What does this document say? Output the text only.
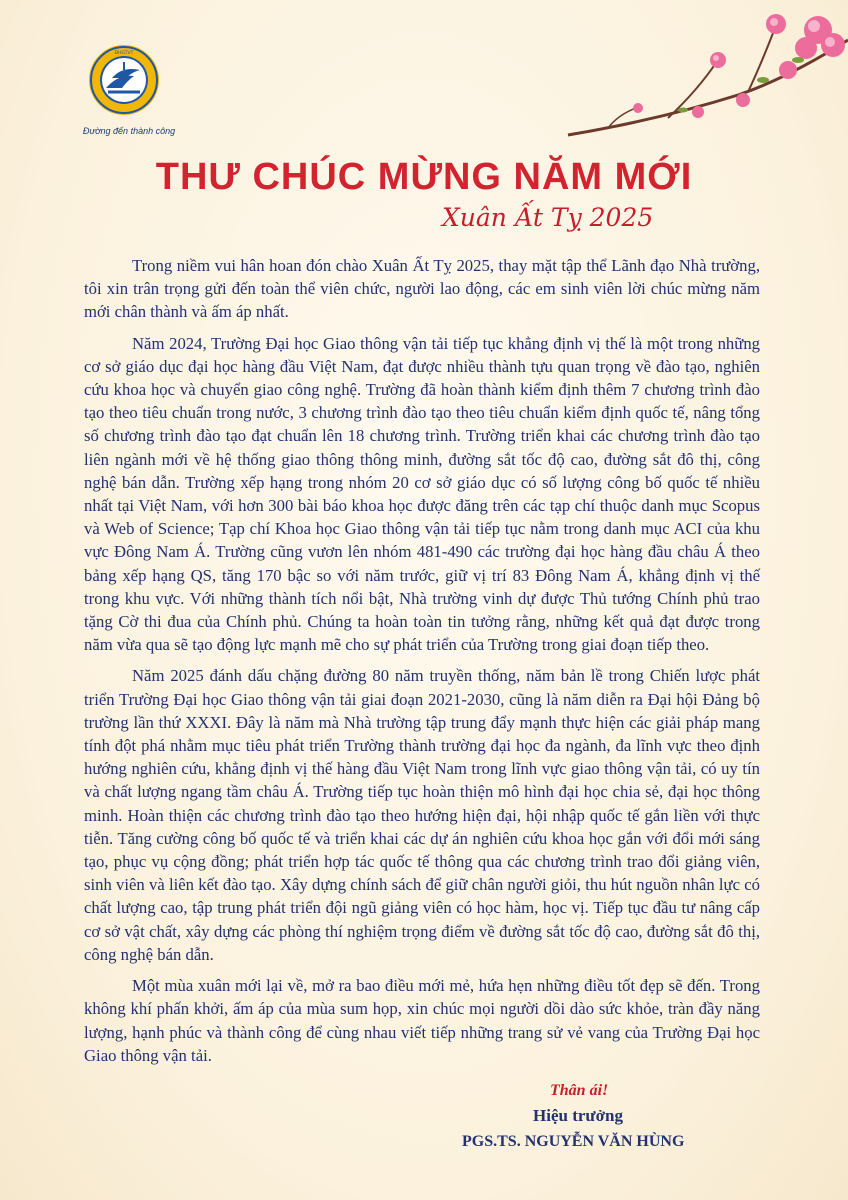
ĐHGTVT
Đường đến thành công
THƯ CHÚC MỪNG NĂM MỚI
Xuân Ất Tỵ 2025

Trong niềm vui hân hoan đón chào Xuân Ất Tỵ 2025, thay mặt tập thể Lãnh đạo Nhà trường, tôi xin trân trọng gửi đến toàn thể viên chức, người lao động, các em sinh viên lời chúc mừng năm mới chân thành và ấm áp nhất.

Năm 2024, Trường Đại học Giao thông vận tải tiếp tục khẳng định vị thế là một trong những cơ sở giáo dục đại học hàng đầu Việt Nam, đạt được nhiều thành tựu quan trọng về đào tạo, nghiên cứu khoa học và chuyển giao công nghệ. Trường đã hoàn thành kiểm định thêm 7 chương trình đào tạo theo tiêu chuẩn trong nước, 3 chương trình đào tạo theo tiêu chuẩn kiểm định quốc tế, nâng tổng số chương trình đào tạo đạt chuẩn lên 18 chương trình. Trường triển khai các chương trình đào tạo liên ngành mới về hệ thống giao thông thông minh, đường sắt tốc độ cao, đường sắt đô thị, công nghệ bán dẫn. Trường xếp hạng trong nhóm 20 cơ sở giáo dục có số lượng công bố quốc tế nhiều nhất tại Việt Nam, với hơn 300 bài báo khoa học được đăng trên các tạp chí thuộc danh mục Scopus và Web of Science; Tạp chí Khoa học Giao thông vận tải tiếp tục nằm trong danh mục ACI của khu vực Đông Nam Á. Trường cũng vươn lên nhóm 481-490 các trường đại học hàng đầu châu Á theo bảng xếp hạng QS, tăng 170 bậc so với năm trước, giữ vị trí 83 Đông Nam Á, khẳng định vị thế trong khu vực. Với những thành tích nổi bật, Nhà trường vinh dự được Thủ tướng Chính phủ trao tặng Cờ thi đua của Chính phủ. Chúng ta hoàn toàn tin tưởng rằng, những kết quả đạt được trong năm vừa qua sẽ tạo động lực mạnh mẽ cho sự phát triển của Trường trong giai đoạn tiếp theo.

Năm 2025 đánh dấu chặng đường 80 năm truyền thống, năm bản lề trong Chiến lược phát triển Trường Đại học Giao thông vận tải giai đoạn 2021-2030, cũng là năm diễn ra Đại hội Đảng bộ trường lần thứ XXXI. Đây là năm mà Nhà trường tập trung đẩy mạnh thực hiện các giải pháp mang tính đột phá nhằm mục tiêu phát triển Trường thành trường đại học đa ngành, đa lĩnh vực theo định hướng nghiên cứu, khẳng định vị thế hàng đầu Việt Nam trong lĩnh vực giao thông vận tải, có uy tín và chất lượng ngang tầm châu Á. Trường tiếp tục hoàn thiện mô hình đại học chia sẻ, đại học thông minh. Hoàn thiện các chương trình đào tạo theo hướng hiện đại, hội nhập quốc tế gắn liền với thực tiễn. Tăng cường công bố quốc tế và triển khai các dự án nghiên cứu khoa học gắn với đổi mới sáng tạo, phục vụ cộng đồng; phát triển hợp tác quốc tế thông qua các chương trình trao đổi giảng viên, sinh viên và liên kết đào tạo. Xây dựng chính sách để giữ chân người giỏi, thu hút nguồn nhân lực có chất lượng cao, tập trung phát triển đội ngũ giảng viên có học hàm, học vị. Tiếp tục đầu tư nâng cấp cơ sở vật chất, xây dựng các phòng thí nghiệm trọng điểm về đường sắt tốc độ cao, đường sắt đô thị, công nghệ bán dẫn.

Một mùa xuân mới lại về, mở ra bao điều mới mẻ, hứa hẹn những điều tốt đẹp sẽ đến. Trong không khí phấn khởi, ấm áp của mùa sum họp, xin chúc mọi người dồi dào sức khỏe, tràn đầy năng lượng, hạnh phúc và thành công để cùng nhau viết tiếp những trang sử vẻ vang của Trường Đại học Giao thông vận tải.

Thân ái!
Hiệu trưởng
PGS.TS. NGUYỄN VĂN HÙNG
